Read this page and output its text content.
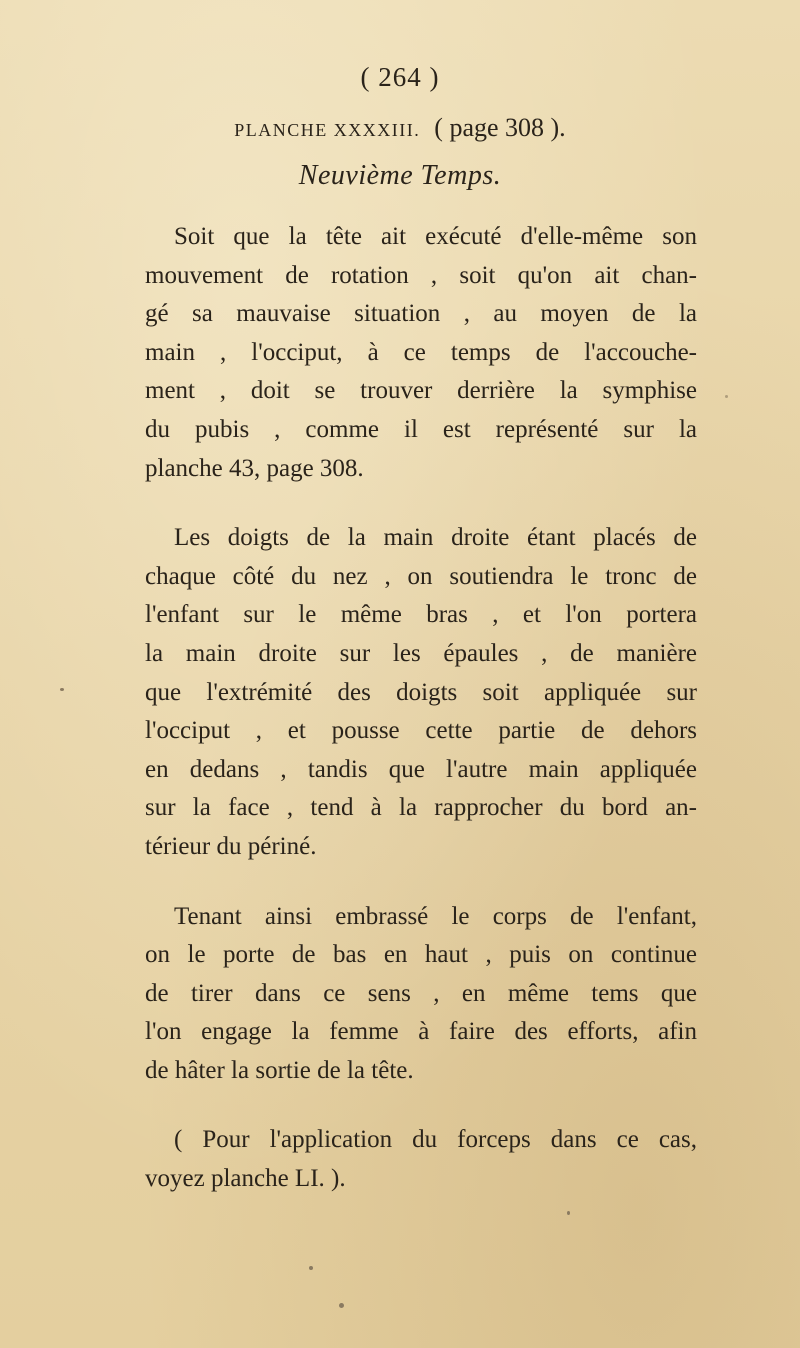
( 264 )
PLANCHE XXXXIII. ( page 308 ).
Neuvième Temps.
Soit que la tête ait exécuté d'elle-même son
mouvement de rotation , soit qu'on ait chan-
gé sa mauvaise situation , au moyen de la
main , l'occiput, à ce temps de l'accouche-
ment , doit se trouver derrière la symphise
du pubis , comme il est représenté sur la
planche 43, page 308.
Les doigts de la main droite étant placés de
chaque côté du nez , on soutiendra le tronc de
l'enfant sur le même bras , et l'on portera
la main droite sur les épaules , de manière
que l'extrémité des doigts soit appliquée sur
l'occiput , et pousse cette partie de dehors
en dedans , tandis que l'autre main appliquée
sur la face , tend à la rapprocher du bord an-
térieur du périné.
Tenant ainsi embrassé le corps de l'enfant,
on le porte de bas en haut , puis on continue
de tirer dans ce sens , en même tems que
l'on engage la femme à faire des efforts, afin
de hâter la sortie de la tête.
( Pour l'application du forceps dans ce cas,
voyez planche LI. ).
